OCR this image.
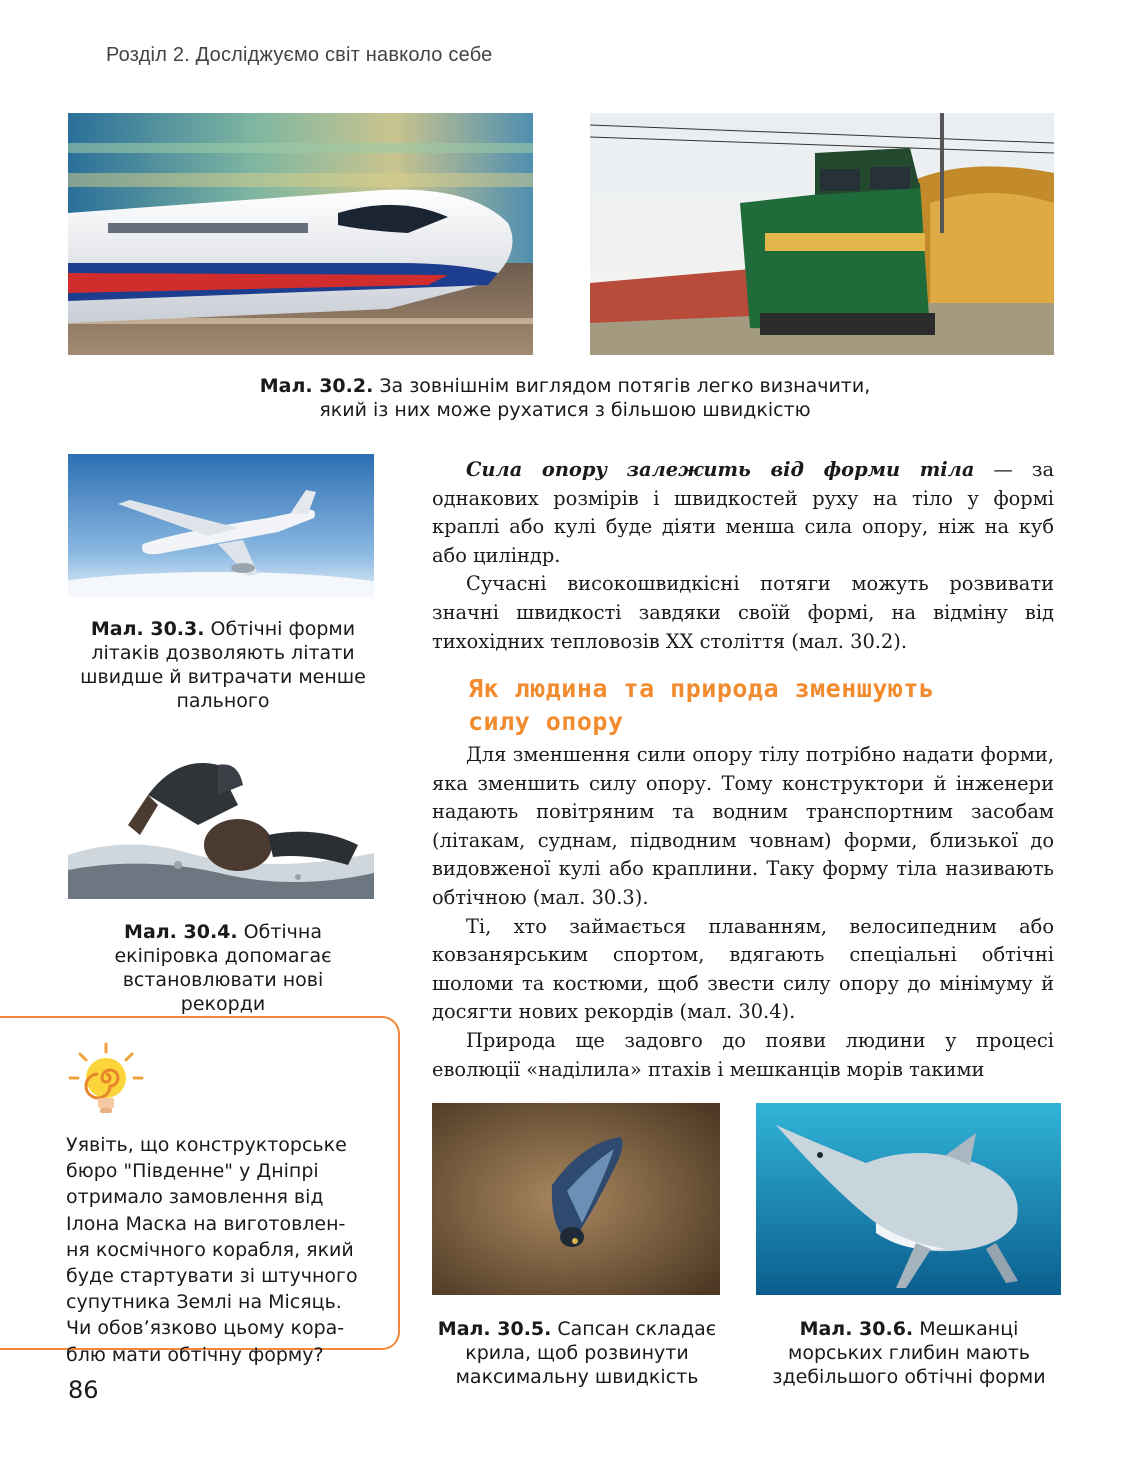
Розділ 2. Досліджуємо світ навколо себе
Мал. 30.2. За зовнішнім виглядом потягів легко визначити,
який із них може рухатися з більшою швидкістю
Мал. 30.3. Обтічні форми
літаків дозволяють літати
швидше й витрачати менше
пального
Мал. 30.4. Обтічна
екіпіровка допомагає
встановлювати нові
рекорди

Сила опору залежить від форми тіла — за однакових розмірів і швидкостей руху на тіло у формі краплі або кулі буде діяти менша сила опору, ніж на куб або циліндр.

Сучасні високошвидкісні потяги можуть розвивати значні швидкості завдяки своїй формі, на відміну від тихохідних тепловозів XX століття (мал. 30.2).

Як людина та природа зменшують
силу опору

Для зменшення сили опору тілу потрібно надати форми, яка зменшить силу опору. Тому конструктори й інженери надають повітряним та водним транспортним засобам (літакам, суднам, підводним човнам) форми, близької до видовженої кулі або краплини. Таку форму тіла називають обтічною (мал. 30.3).

Ті, хто займається плаванням, велосипедним або ковзанярським спортом, вдягають спеціальні обтічні шоломи та костюми, щоб звести силу опору до мінімуму й досягти нових рекордів (мал. 30.4).

Природа ще задовго до появи людини у процесі еволюції «наділила» птахів і мешканців морів такими

Уявіть, що конструкторське
бюро "Південне" у Дніпрі
отримало замовлення від
Ілона Маска на виготовлен-
ня космічного корабля, який
буде стартувати зі штучного
супутника Землі на Місяць.
Чи обов’язково цьому кора-
блю мати обтічну форму?
Мал. 30.5. Сапсан складає
крила, щоб розвинути
максимальну швидкість
Мал. 30.6. Мешканці
морських глибин мають
здебільшого обтічні форми
86
